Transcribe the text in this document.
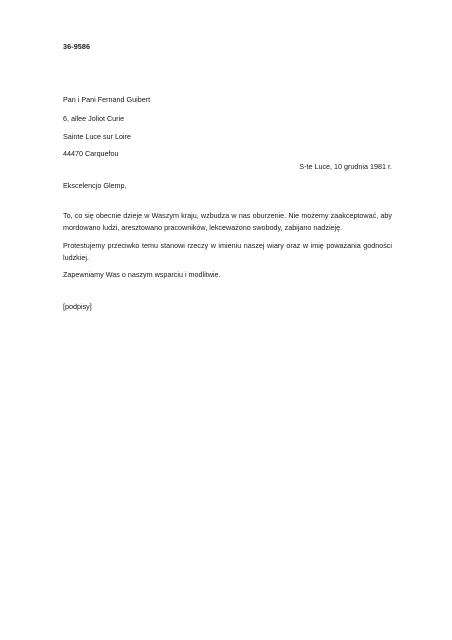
36-9586
Pan i Pani Fernand Guibert
6, allee Joliot Curie
Sainte Luce sur Loire
44470 Carquefou
S-te Luce, 10 grudnia 1981 r.
Ekscelencjo Glemp,
To, co się obecnie dzieje w Waszym kraju, wzbudza w nas oburzenie. Nie możemy zaakceptować, aby mordowano ludzi, aresztowano pracowników, lekceważono swobody, zabijano nadzieję.
Protestujemy przeciwko temu stanowi rzeczy w imieniu naszej wiary oraz w imię poważania godności ludzkiej.
Zapewniamy Was o naszym wsparciu i modlitwie.
[podpisy]
